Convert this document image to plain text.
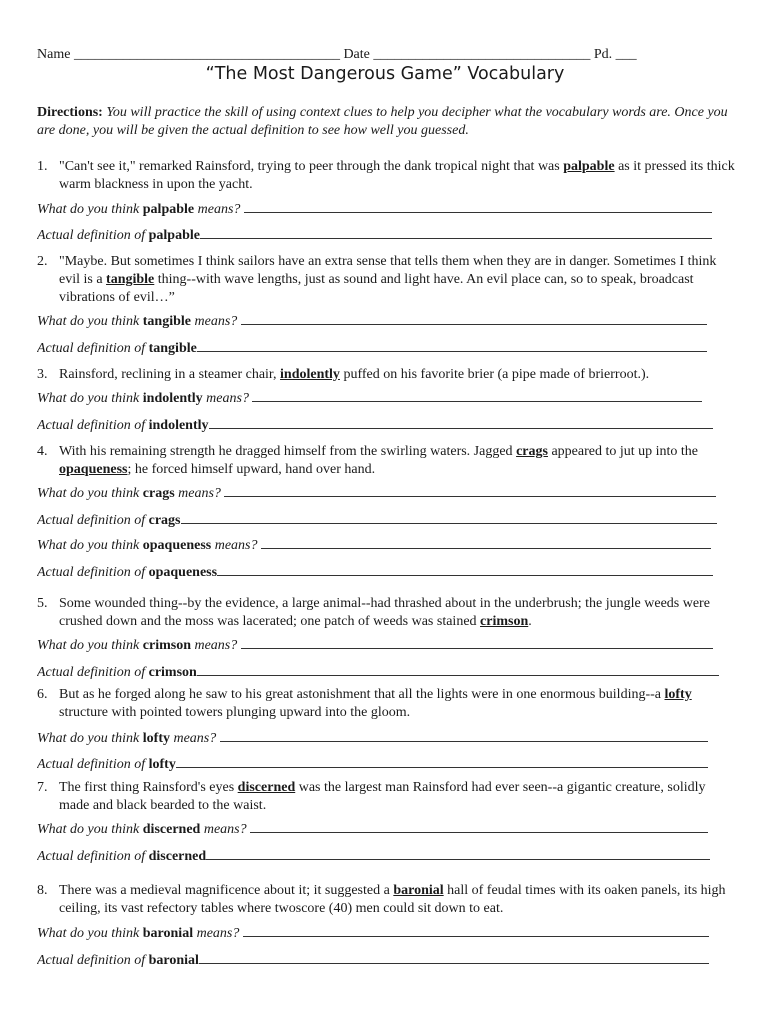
Name ______________________________________ Date _______________________________ Pd. ___
“The Most Dangerous Game” Vocabulary
Directions: You will practice the skill of using context clues to help you decipher what the vocabulary words are. Once you are done, you will be given the actual definition to see how well you guessed.
1. "Can't see it," remarked Rainsford, trying to peer through the dank tropical night that was palpable as it pressed its thick warm blackness in upon the yacht.
What do you think palpable means?
Actual definition of palpable
2. "Maybe. But sometimes I think sailors have an extra sense that tells them when they are in danger. Sometimes I think evil is a tangible thing--with wave lengths, just as sound and light have. An evil place can, so to speak, broadcast vibrations of evil…”
What do you think tangible means?
Actual definition of tangible
3. Rainsford, reclining in a steamer chair, indolently puffed on his favorite brier (a pipe made of brierroot.).
What do you think indolently means?
Actual definition of indolently
4. With his remaining strength he dragged himself from the swirling waters. Jagged crags appeared to jut up into the opaqueness; he forced himself upward, hand over hand.
What do you think crags means?
Actual definition of crags
What do you think opaqueness means?
Actual definition of opaqueness
5. Some wounded thing--by the evidence, a large animal--had thrashed about in the underbrush; the jungle weeds were crushed down and the moss was lacerated; one patch of weeds was stained crimson.
What do you think crimson means?
Actual definition of crimson
6. But as he forged along he saw to his great astonishment that all the lights were in one enormous building--a lofty structure with pointed towers plunging upward into the gloom.
What do you think lofty means?
Actual definition of lofty
7. The first thing Rainsford's eyes discerned was the largest man Rainsford had ever seen--a gigantic creature, solidly made and black bearded to the waist.
What do you think discerned means?
Actual definition of discerned
8. There was a medieval magnificence about it; it suggested a baronial hall of feudal times with its oaken panels, its high ceiling, its vast refectory tables where twoscore (40) men could sit down to eat.
What do you think baronial means?
Actual definition of baronial
